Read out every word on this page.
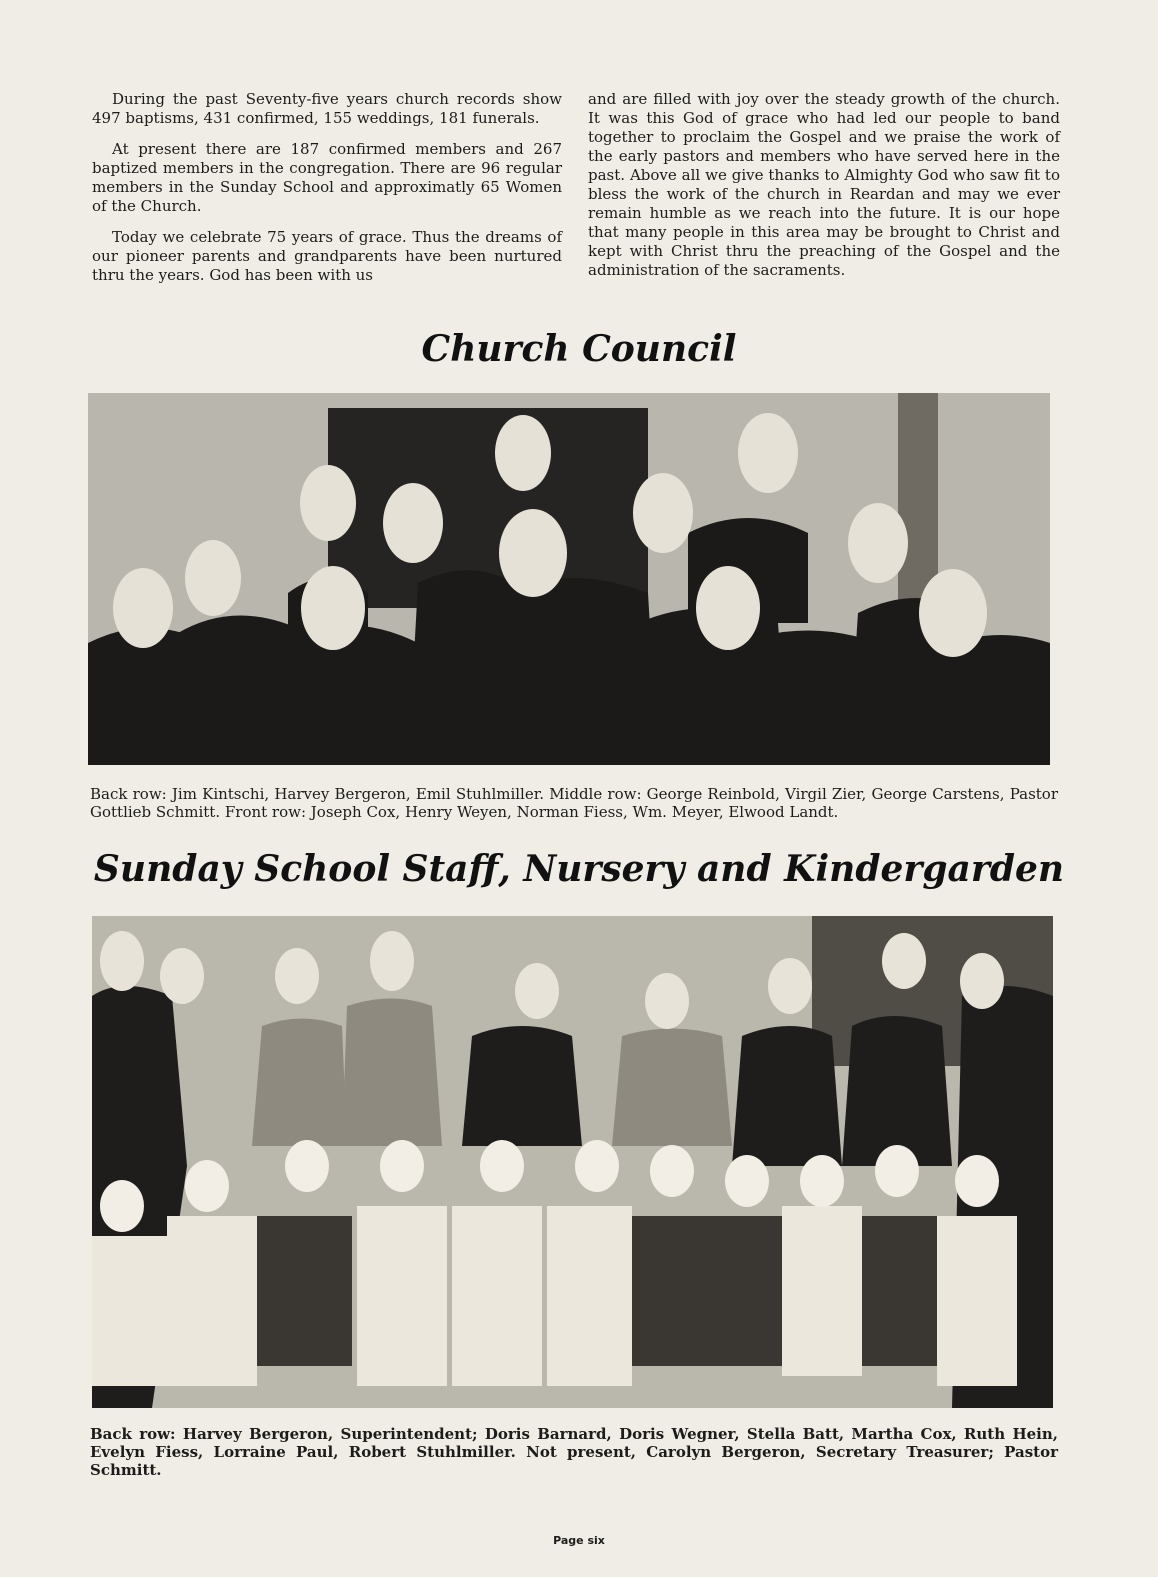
During the past Seventy-five years church records show 497 baptisms, 431 confirmed, 155 weddings, 181 funerals.

At present there are 187 confirmed members and 267 baptized members in the congregation. There are 96 regular members in the Sunday School and approximatly 65 Women of the Church.

Today we celebrate 75 years of grace. Thus the dreams of our pioneer parents and grandparents have been nurtured thru the years. God has been with us

and are filled with joy over the steady growth of the church. It was this God of grace who had led our people to band together to proclaim the Gospel and we praise the work of the early pastors and members who have served here in the past. Above all we give thanks to Almighty God who saw fit to bless the work of the church in Reardan and may we ever remain humble as we reach into the future. It is our hope that many people in this area may be brought to Christ and kept with Christ thru the preaching of the Gospel and the administration of the sacraments.

Church Council
Back row: Jim Kintschi, Harvey Bergeron, Emil Stuhlmiller. Middle row: George Reinbold, Virgil Zier, George Carstens, Pastor Gottlieb Schmitt. Front row: Joseph Cox, Henry Weyen, Norman Fiess, Wm. Meyer, Elwood Landt.
Sunday School Staff, Nursery and Kindergarden
Back row: Harvey Bergeron, Superintendent; Doris Barnard, Doris Wegner, Stella Batt, Martha Cox, Ruth Hein, Evelyn Fiess, Lorraine Paul, Robert Stuhlmiller. Not present, Carolyn Bergeron, Secretary Treasurer; Pastor Schmitt.
Page six
